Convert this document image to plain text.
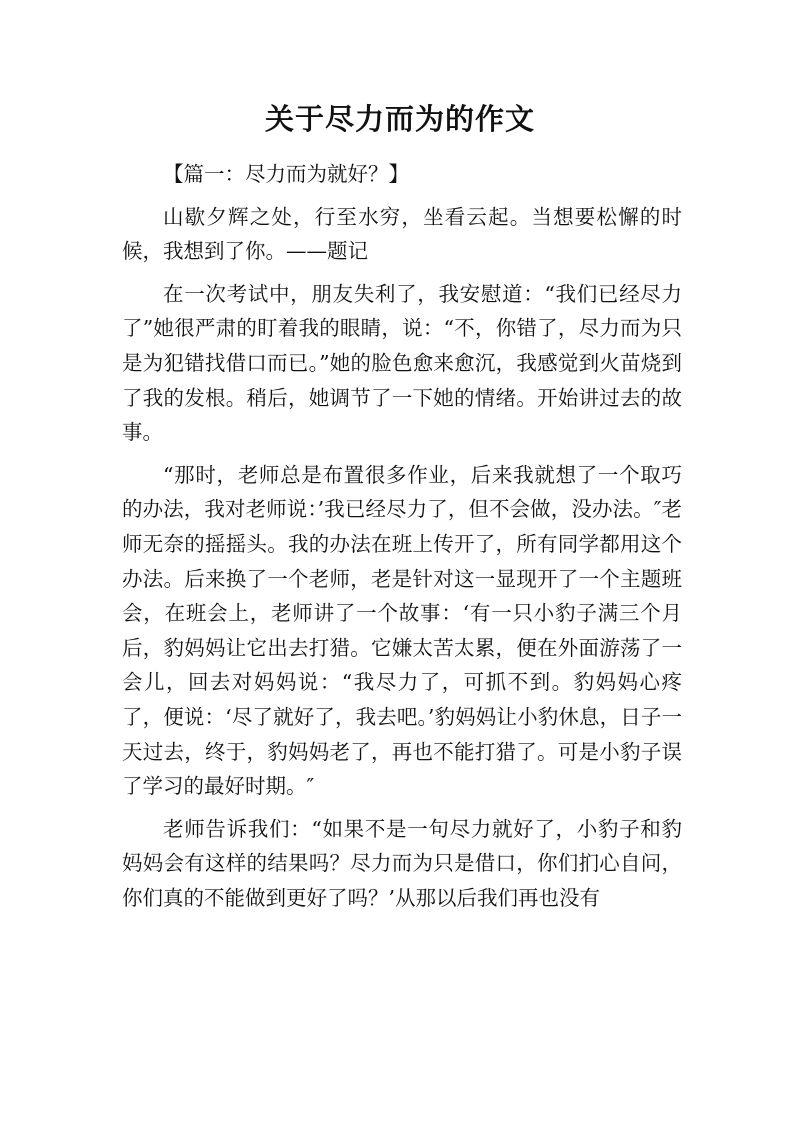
关于尽力而为的作文

【篇一：尽力而为就好？】

山歇夕辉之处，行至水穷，坐看云起。当想要松懈的时候，我想到了你。——题记

在一次考试中，朋友失利了，我安慰道：“我们已经尽力了”她很严肃的盯着我的眼睛，说：“不，你错了，尽力而为只是为犯错找借口而已。”她的脸色愈来愈沉，我感觉到火苗烧到了我的发根。稍后，她调节了一下她的情绪。开始讲过去的故事。

“那时，老师总是布置很多作业，后来我就想了一个取巧的办法，我对老师说：’我已经尽力了，但不会做，没办法。″老师无奈的摇摇头。我的办法在班上传开了，所有同学都用这个办法。后来换了一个老师，老是针对这一显现开了一个主题班会，在班会上，老师讲了一个故事：‘有一只小豹子满三个月后，豹妈妈让它出去打猎。它嫌太苦太累，便在外面游荡了一会儿，回去对妈妈说：“我尽力了，可抓不到。豹妈妈心疼了，便说：‘尽了就好了，我去吧。’豹妈妈让小豹休息，日子一天过去，终于，豹妈妈老了，再也不能打猎了。可是小豹子误了学习的最好时期。″

老师告诉我们：“如果不是一句尽力就好了，小豹子和豹妈妈会有这样的结果吗？尽力而为只是借口，你们扪心自问，你们真的不能做到更好了吗？’从那以后我们再也没有
